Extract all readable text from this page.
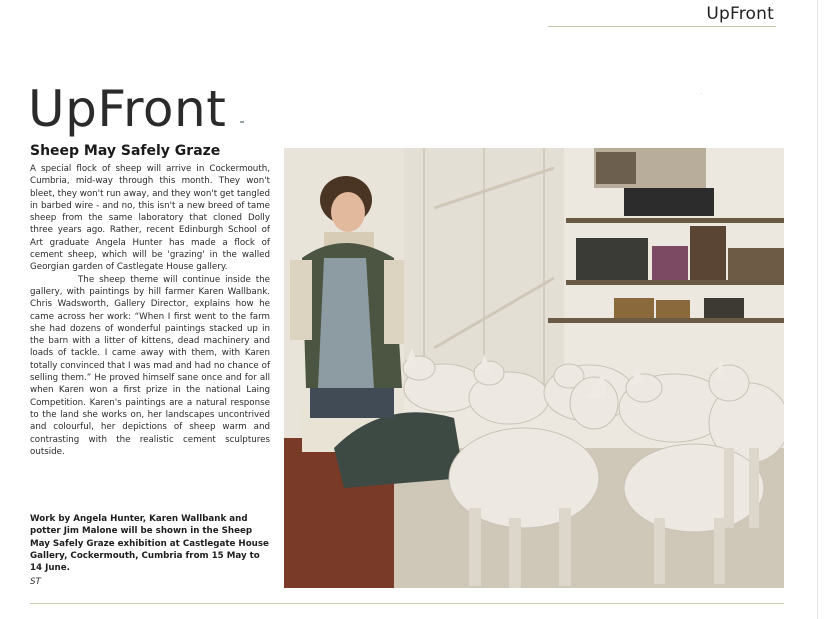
UpFront
UpFront
Sheep May Safely Graze

A special flock of sheep will arrive in Cockermouth, Cumbria, mid-way through this month. They won't bleet, they won't run away, and they won't get tangled in barbed wire - and no, this isn't a new breed of tame sheep from the same laboratory that cloned Dolly three years ago. Rather, recent Edinburgh School of Art graduate Angela Hunter has made a flock of cement sheep, which will be 'grazing' in the walled Georgian garden of Castlegate House gallery.

The sheep theme will continue inside the gallery, with paintings by hill farmer Karen Wallbank. Chris Wadsworth, Gallery Director, explains how he came across her work: “When I first went to the farm she had dozens of wonderful paintings stacked up in the barn with a litter of kittens, dead machinery and loads of tackle. I came away with them, with Karen totally convinced that I was mad and had no chance of selling them.” He proved himself sane once and for all when Karen won a first prize in the national Laing Competition. Karen's paintings are a natural response to the land she works on, her landscapes uncontrived and colourful, her depictions of sheep warm and contrasting with the realistic cement sculptures outside.

Work by Angela Hunter, Karen Wallbank and potter Jim Malone will be shown in the Sheep May Safely Graze exhibition at Castlegate House Gallery, Cockermouth, Cumbria from 15 May to 14 June.
ST
·
